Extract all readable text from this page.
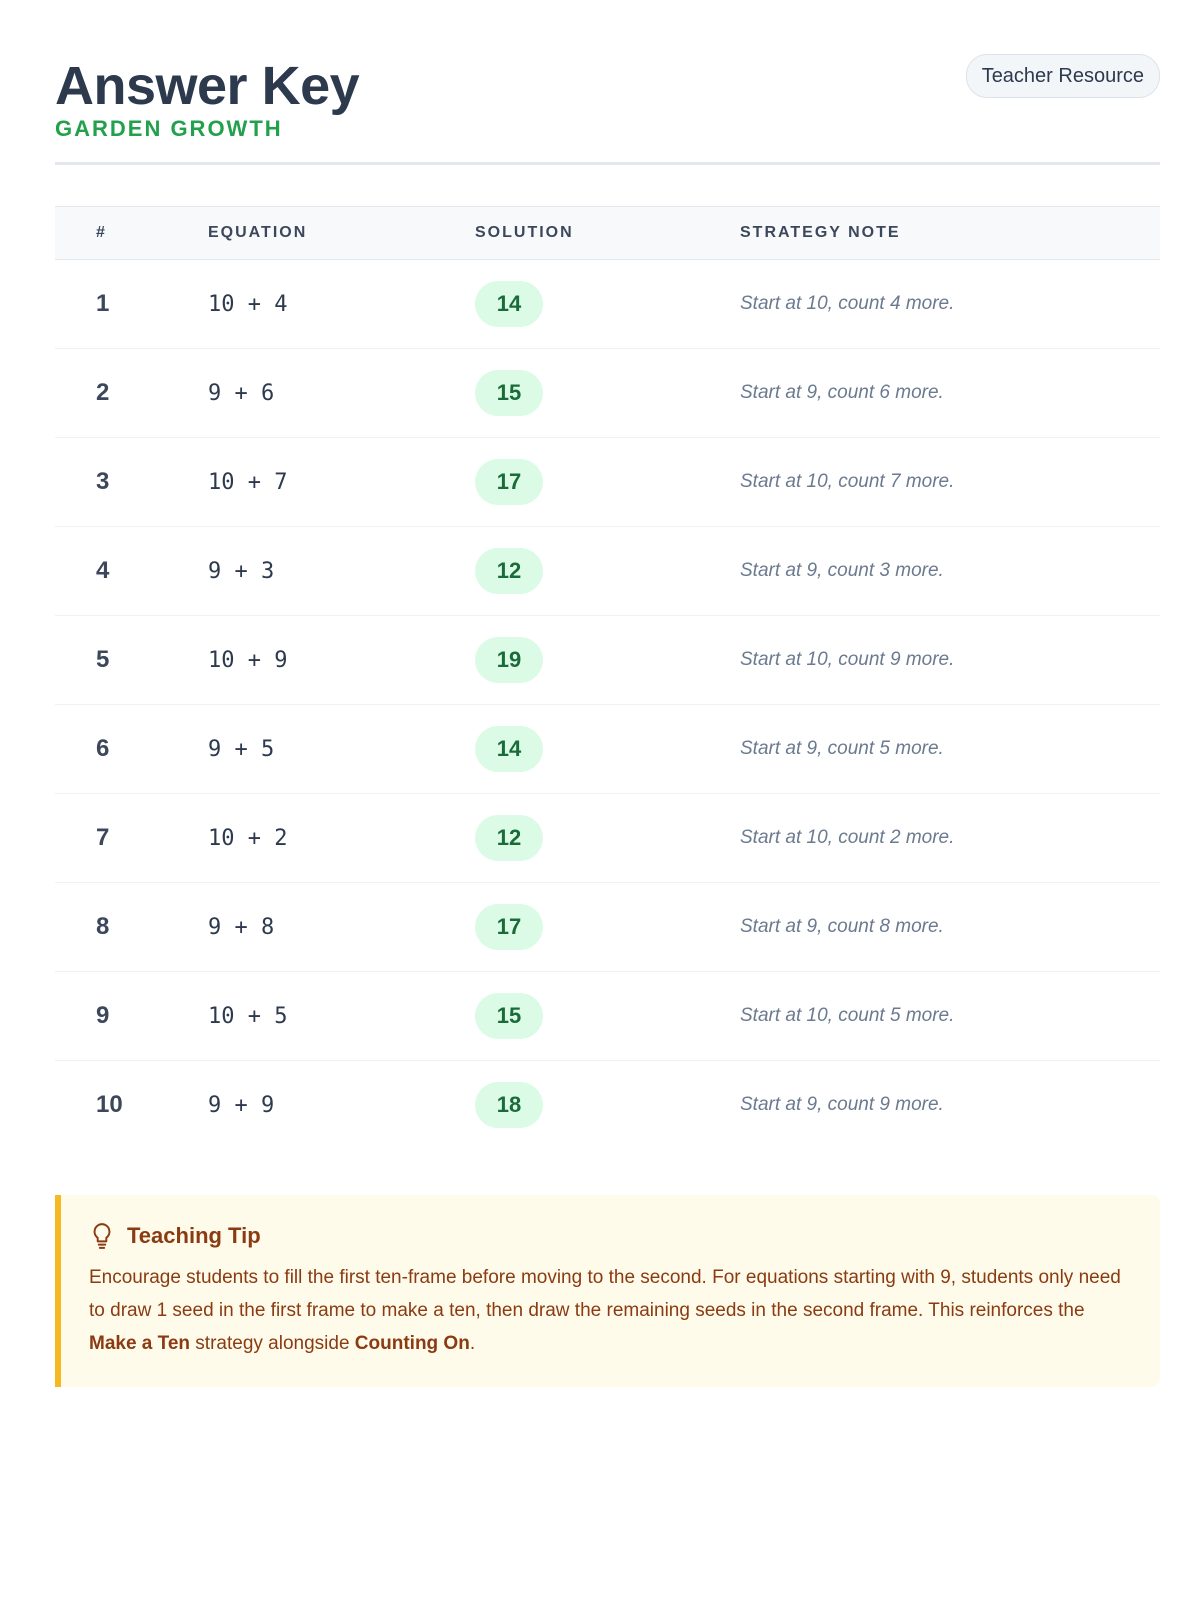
Answer Key
GARDEN GROWTH
Teacher Resource
#	EQUATION	SOLUTION	STRATEGY NOTE
1	10 + 4	14	Start at 10, count 4 more.
2	9 + 6	15	Start at 9, count 6 more.
3	10 + 7	17	Start at 10, count 7 more.
4	9 + 3	12	Start at 9, count 3 more.
5	10 + 9	19	Start at 10, count 9 more.
6	9 + 5	14	Start at 9, count 5 more.
7	10 + 2	12	Start at 10, count 2 more.
8	9 + 8	17	Start at 9, count 8 more.
9	10 + 5	15	Start at 10, count 5 more.
10	9 + 9	18	Start at 9, count 9 more.
Teaching Tip

Encourage students to fill the first ten-frame before moving to the second. For equations starting with 9, students only need to draw 1 seed in the first frame to make a ten, then draw the remaining seeds in the second frame. This reinforces the Make a Ten strategy alongside Counting On.
